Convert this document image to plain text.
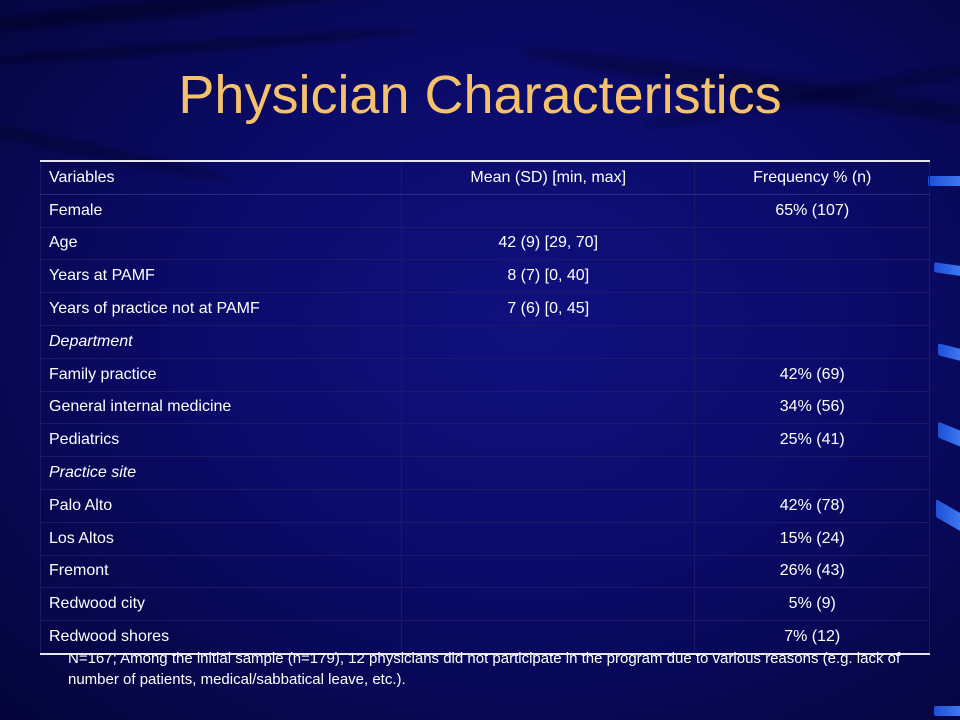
Physician Characteristics
Variables	Mean (SD) [min, max]	Frequency % (n)
Female		65% (107)
Age	42 (9) [29, 70]	
Years at PAMF	8 (7) [0, 40]	
Years of practice not at PAMF	7 (6) [0, 45]	
Department		
Family practice		42% (69)
General internal medicine		34% (56)
Pediatrics		25% (41)
Practice site		
Palo Alto		42% (78)
Los Altos		15% (24)
Fremont		26% (43)
Redwood city		5% (9)
Redwood shores		7% (12)

N=167; Among the initial sample (n=179), 12 physicians did not participate in the program due to various reasons (e.g. lack of number of patients, medical/sabbatical leave, etc.).
